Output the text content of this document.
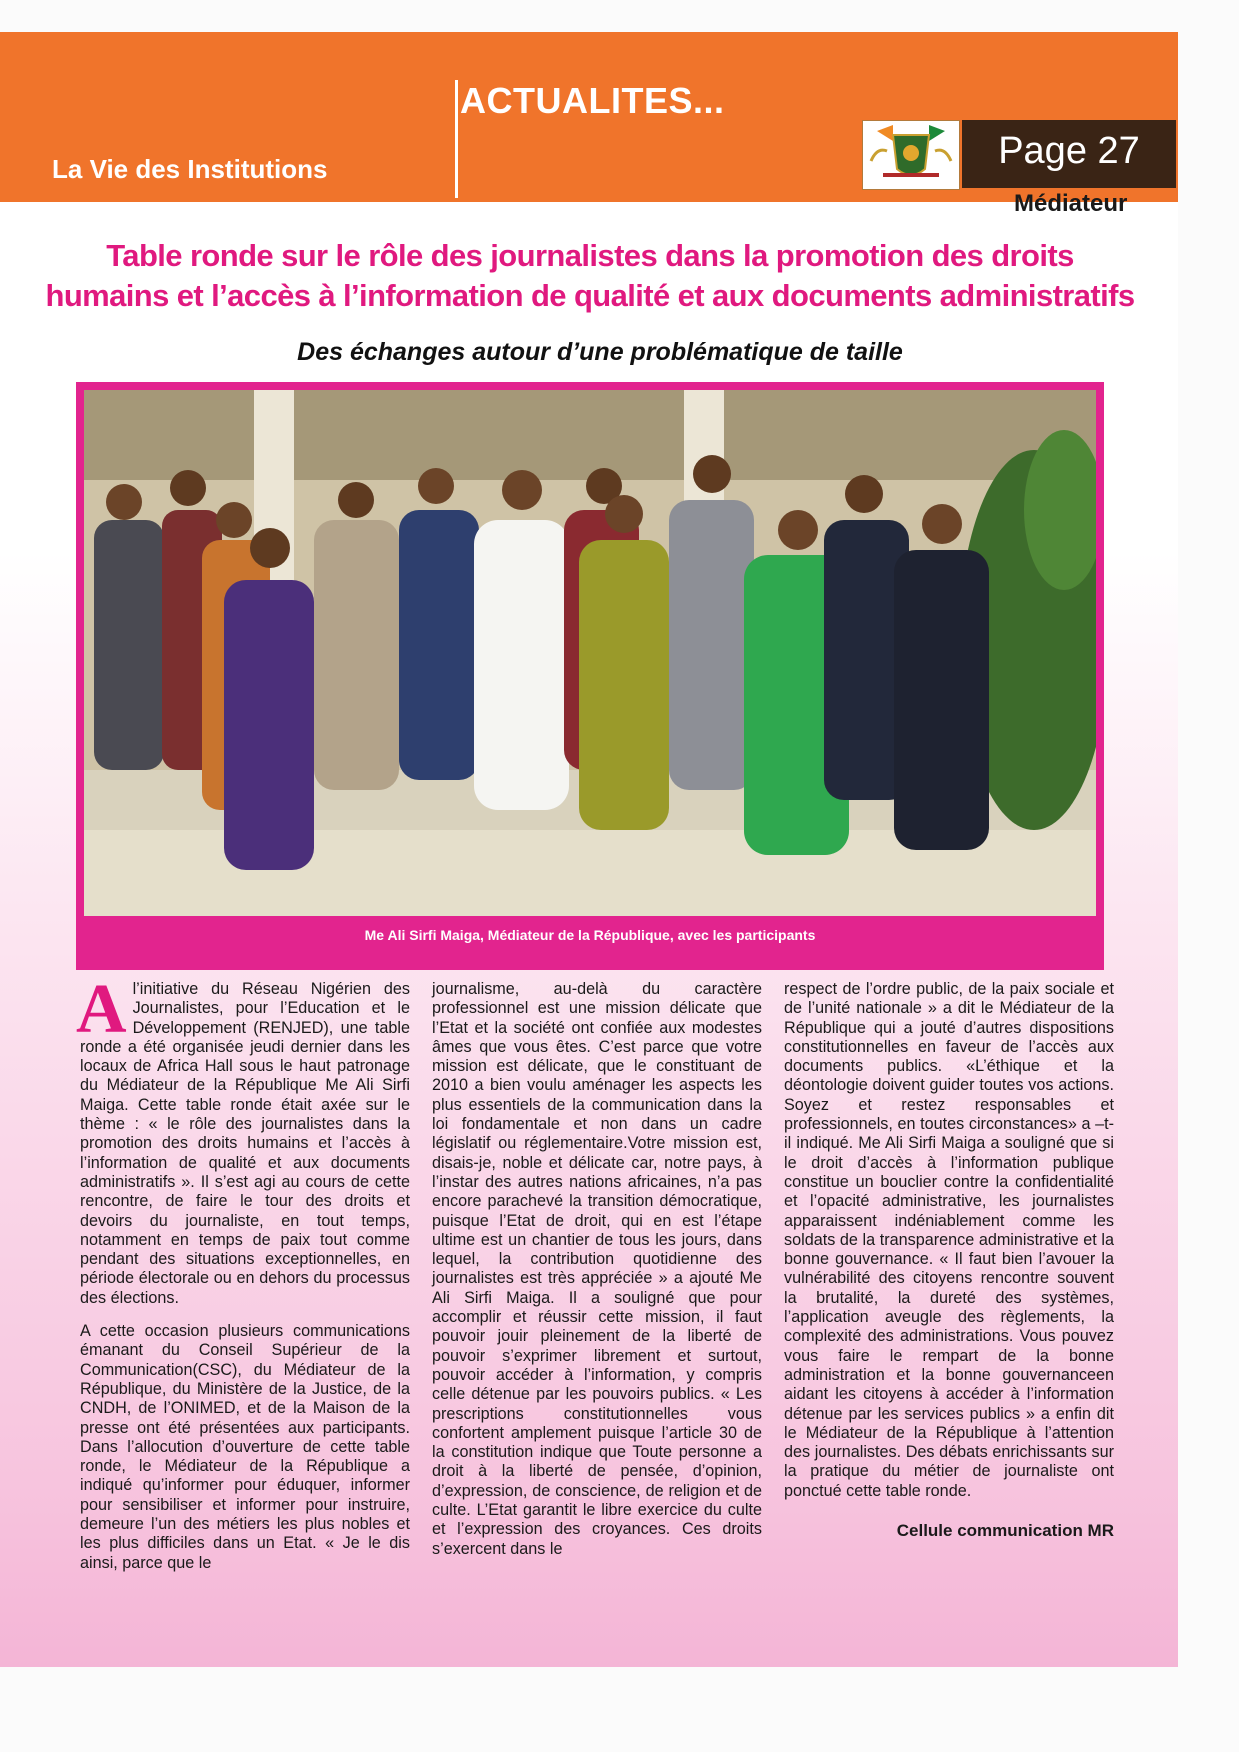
ACTUALITES...
La Vie des Institutions	Page 27
Médiateur
Table ronde sur le rôle des journalistes dans la promotion des droits
humains et l’accès à l’information de qualité et aux documents administratifs
Des échanges autour d’une problématique de taille
Me Ali Sirfi Maiga, Médiateur de la République, avec les participants

Al’initiative du Réseau Nigérien des Journalistes, pour l’Education et le Développement (RENJED), une table ronde a été organisée jeudi dernier dans les locaux de Africa Hall sous le haut patronage du Médiateur de la République Me Ali Sirfi Maiga. Cette table ronde était axée sur le thème : « le rôle des journalistes dans la promotion des droits humains et l’accès à l’information de qualité et aux documents administratifs ». Il s’est agi au cours de cette rencontre, de faire le tour des droits et devoirs du journaliste, en tout temps, notamment en temps de paix tout comme pendant des situations exceptionnelles, en période électorale ou en dehors du processus des élections.

A cette occasion plusieurs communications émanant du Conseil Supérieur de la Communication(CSC), du Médiateur de la République, du Ministère de la Justice, de la CNDH, de l’ONIMED, et de la Maison de la presse ont été présentées aux participants. Dans l’allocution d’ouverture de cette table ronde, le Médiateur de la République a indiqué qu’informer pour éduquer, informer pour sensibiliser et informer pour instruire, demeure l’un des métiers les plus nobles et les plus difficiles dans un Etat. « Je le dis ainsi, parce que le

journalisme, au-delà du caractère professionnel est une mission délicate que l’Etat et la société ont confiée aux modestes âmes que vous êtes. C’est parce que votre mission est délicate, que le constituant de 2010 a bien voulu aménager les aspects les plus essentiels de la communication dans la loi fondamentale et non dans un cadre législatif ou réglementaire.Votre mission est, disais-je, noble et délicate car, notre pays, à l’instar des autres nations africaines, n’a pas encore parachevé la transition démocratique, puisque l’Etat de droit, qui en est l’étape ultime est un chantier de tous les jours, dans lequel, la contribution quotidienne des journalistes est très appréciée » a ajouté Me Ali Sirfi Maiga. Il a souligné que pour accomplir et réussir cette mission, il faut pouvoir jouir pleinement de la liberté de pouvoir s’exprimer librement et surtout, pouvoir accéder à l’information, y compris celle détenue par les pouvoirs publics. « Les prescriptions constitutionnelles vous confortent amplement puisque l’article 30 de la constitution indique que Toute personne a droit à la liberté de pensée, d’opinion, d’expression, de conscience, de religion et de culte. L’Etat garantit le libre exercice du culte et l’expression des croyances. Ces droits s’exercent dans le

respect de l’ordre public, de la paix sociale et de l’unité nationale » a dit le Médiateur de la République qui a jouté d’autres dispositions constitutionnelles en faveur de l’accès aux documents publics. «L’éthique et la déontologie doivent guider toutes vos actions. Soyez et restez responsables et professionnels, en toutes circonstances» a –t-il indiqué. Me Ali Sirfi Maiga a souligné que si le droit d’accès à l’information publique constitue un bouclier contre la confidentialité et l’opacité administrative, les journalistes apparaissent indéniablement comme les soldats de la transparence administrative et la bonne gouvernance. « Il faut bien l’avouer la vulnérabilité des citoyens rencontre souvent la brutalité, la dureté des systèmes, l’application aveugle des règlements, la complexité des administrations. Vous pouvez vous faire le rempart de la bonne administration et la bonne gouvernanceen aidant les citoyens à accéder à l’information détenue par les services publics » a enfin dit le Médiateur de la République à l’attention des journalistes. Des débats enrichissants sur la pratique du métier de journaliste ont ponctué cette table ronde.

Cellule communication MR
